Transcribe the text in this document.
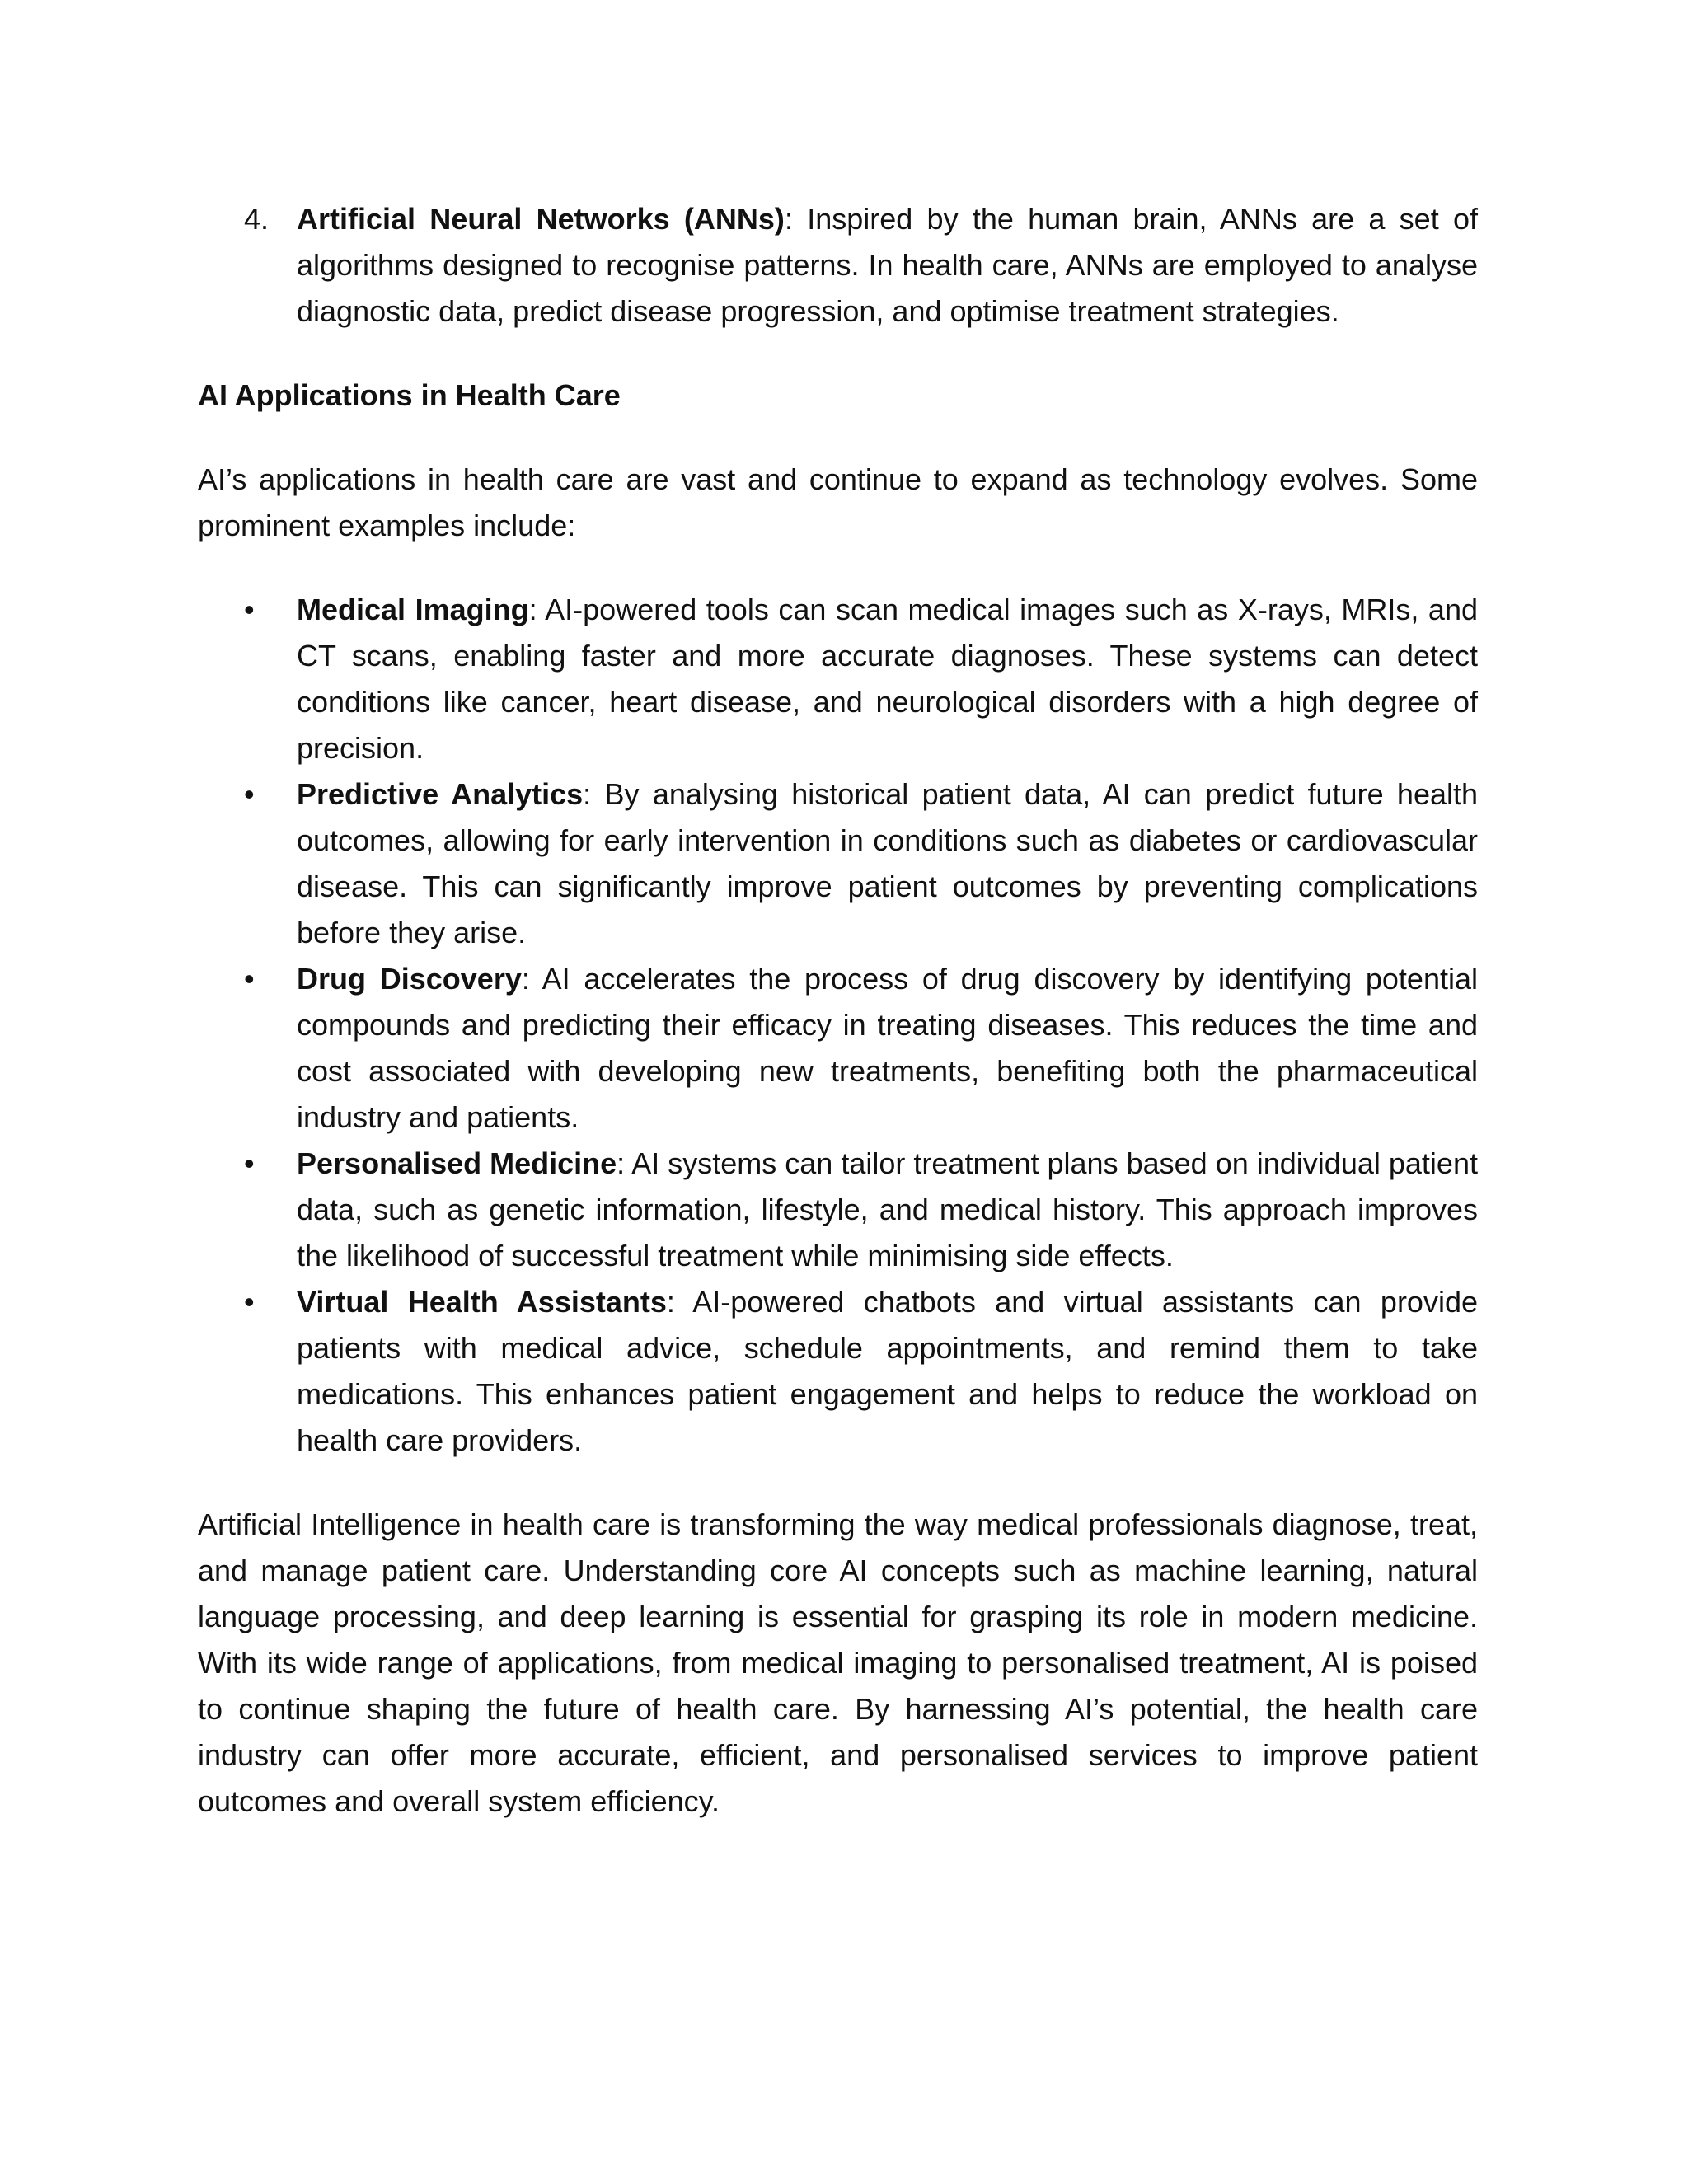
4. Artificial Neural Networks (ANNs): Inspired by the human brain, ANNs are a set of algorithms designed to recognise patterns. In health care, ANNs are employed to analyse diagnostic data, predict disease progression, and optimise treatment strategies.

AI Applications in Health Care

AI’s applications in health care are vast and continue to expand as technology evolves. Some prominent examples include:

• Medical Imaging: AI-powered tools can scan medical images such as X-rays, MRIs, and CT scans, enabling faster and more accurate diagnoses. These systems can detect conditions like cancer, heart disease, and neurological disorders with a high degree of precision.

• Predictive Analytics: By analysing historical patient data, AI can predict future health outcomes, allowing for early intervention in conditions such as diabetes or cardiovascular disease. This can significantly improve patient outcomes by preventing complications before they arise.

• Drug Discovery: AI accelerates the process of drug discovery by identifying potential compounds and predicting their efficacy in treating diseases. This reduces the time and cost associated with developing new treatments, benefiting both the pharmaceutical industry and patients.

• Personalised Medicine: AI systems can tailor treatment plans based on individual patient data, such as genetic information, lifestyle, and medical history. This approach improves the likelihood of successful treatment while minimising side effects.

• Virtual Health Assistants: AI-powered chatbots and virtual assistants can provide patients with medical advice, schedule appointments, and remind them to take medications. This enhances patient engagement and helps to reduce the workload on health care providers.

Artificial Intelligence in health care is transforming the way medical professionals diagnose, treat, and manage patient care. Understanding core AI concepts such as machine learning, natural language processing, and deep learning is essential for grasping its role in modern medicine. With its wide range of applications, from medical imaging to personalised treatment, AI is poised to continue shaping the future of health care. By harnessing AI’s potential, the health care industry can offer more accurate, efficient, and personalised services to improve patient outcomes and overall system efficiency.
